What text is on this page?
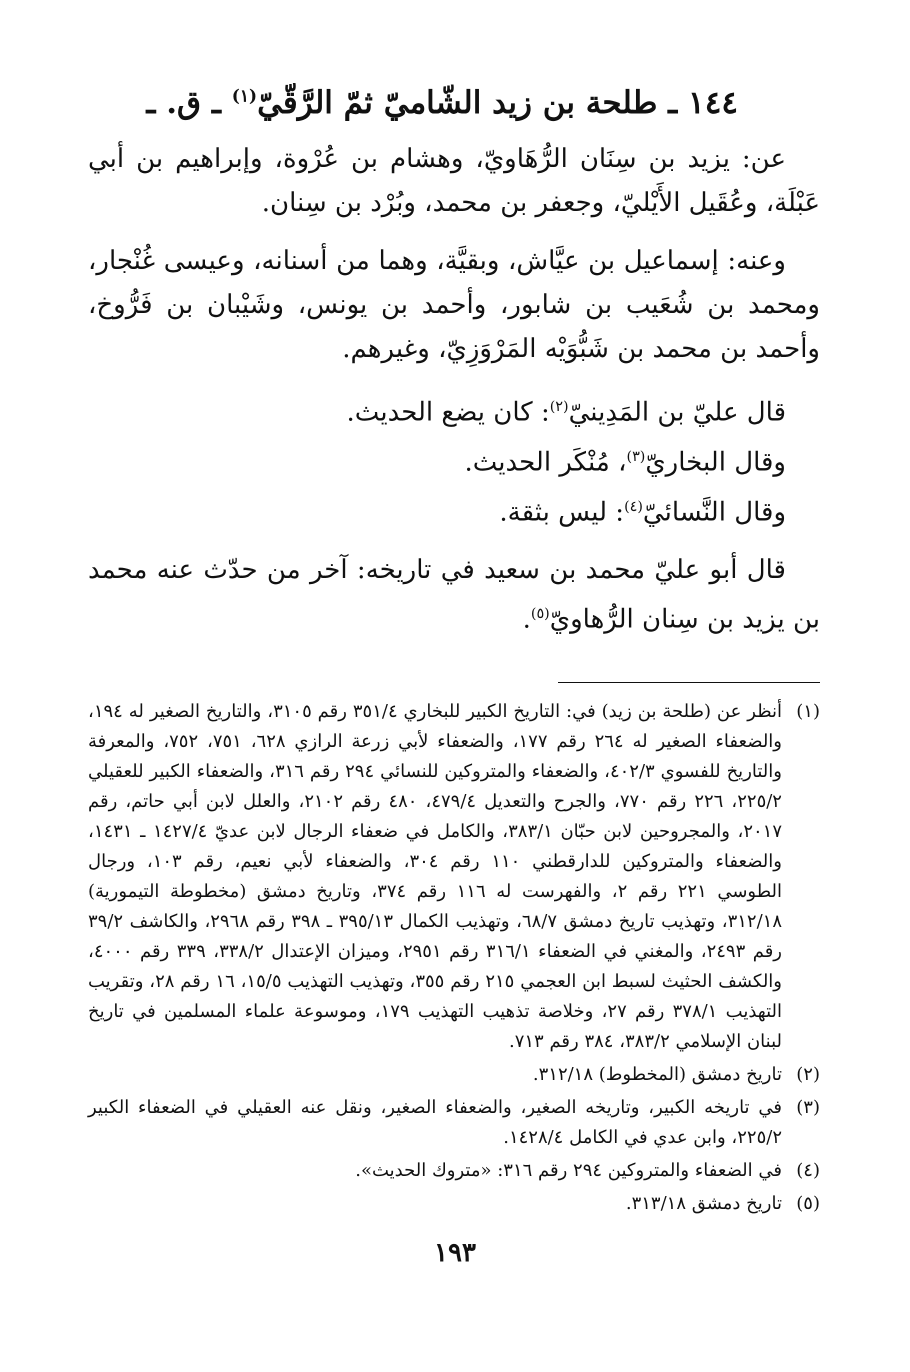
١٤٤ ـ طلحة بن زيد الشّاميّ ثمّ الرَّقّيّ$^{(١)}$ ـ ق. ـ

عن: يزيد بن سِنَان الرُّهَاويّ، وهشام بن عُرْوة، وإبراهيم بن أبي عَبْلَة، وعُقَيل الأَيْليّ، وجعفر بن محمد، وبُرْد بن سِنان.

وعنه: إسماعيل بن عيَّاش، وبقيَّة، وهما من أسنانه، وعيسى غُنْجار، ومحمد بن شُعَيب بن شابور، وأحمد بن يونس، وشَيْبان بن فَرُّوخ، وأحمد بن محمد بن شَبُّوَيْه المَرْوَزِيّ، وغيرهم.

قال عليّ بن المَدِينيّ$^{(٢)}$: كان يضع الحديث.

وقال البخاريّ$^{(٣)}$، مُنْكَر الحديث.

وقال النَّسائيّ$^{(٤)}$: ليس بثقة.

قال أبو عليّ محمد بن سعيد في تاريخه: آخر من حدّث عنه محمد بن يزيد بن سِنان الرُّهاويّ$^{(٥)}$.

(١)
أنظر عن (طلحة بن زيد) في: التاريخ الكبير للبخاري ٣٥١/٤ رقم ٣١٠٥، والتاريخ الصغير له ١٩٤، والضعفاء الصغير له ٢٦٤ رقم ١٧٧، والضعفاء لأبي زرعة الرازي ٦٢٨، ٧٥١، ٧٥٢، والمعرفة والتاريخ للفسوي ٤٠٢/٣، والضعفاء والمتروكين للنسائي ٢٩٤ رقم ٣١٦، والضعفاء الكبير للعقيلي ٢٢٥/٢، ٢٢٦ رقم ٧٧٠، والجرح والتعديل ٤٧٩/٤، ٤٨٠ رقم ٢١٠٢، والعلل لابن أبي حاتم، رقم ٢٠١٧، والمجروحين لابن حبّان ٣٨٣/١، والكامل في ضعفاء الرجال لابن عديّ ١٤٢٧/٤ ـ ١٤٣١، والضعفاء والمتروكين للدارقطني ١١٠ رقم ٣٠٤، والضعفاء لأبي نعيم، رقم ١٠٣، ورجال الطوسي ٢٢١ رقم ٢، والفهرست له ١١٦ رقم ٣٧٤، وتاريخ دمشق (مخطوطة التيمورية) ٣١٢/١٨، وتهذيب تاريخ دمشق ٦٨/٧، وتهذيب الكمال ٣٩٥/١٣ ـ ٣٩٨ رقم ٢٩٦٨، والكاشف ٣٩/٢ رقم ٢٤٩٣، والمغني في الضعفاء ٣١٦/١ رقم ٢٩٥١، وميزان الإعتدال ٣٣٨/٢، ٣٣٩ رقم ٤٠٠٠، والكشف الحثيث لسبط ابن العجمي ٢١٥ رقم ٣٥٥، وتهذيب التهذيب ١٥/٥، ١٦ رقم ٢٨، وتقريب التهذيب ٣٧٨/١ رقم ٢٧، وخلاصة تذهيب التهذيب ١٧٩، وموسوعة علماء المسلمين في تاريخ لبنان الإسلامي ٣٨٣/٢، ٣٨٤ رقم ٧١٣.
(٢)
تاريخ دمشق (المخطوط) ٣١٢/١٨.
(٣)
في تاريخه الكبير، وتاريخه الصغير، والضعفاء الصغير، ونقل عنه العقيلي في الضعفاء الكبير ٢٢٥/٢، وابن عدي في الكامل ١٤٢٨/٤.
(٤)
في الضعفاء والمتروكين ٢٩٤ رقم ٣١٦: «متروك الحديث».
(٥)
تاريخ دمشق ٣١٣/١٨.
١٩٣
